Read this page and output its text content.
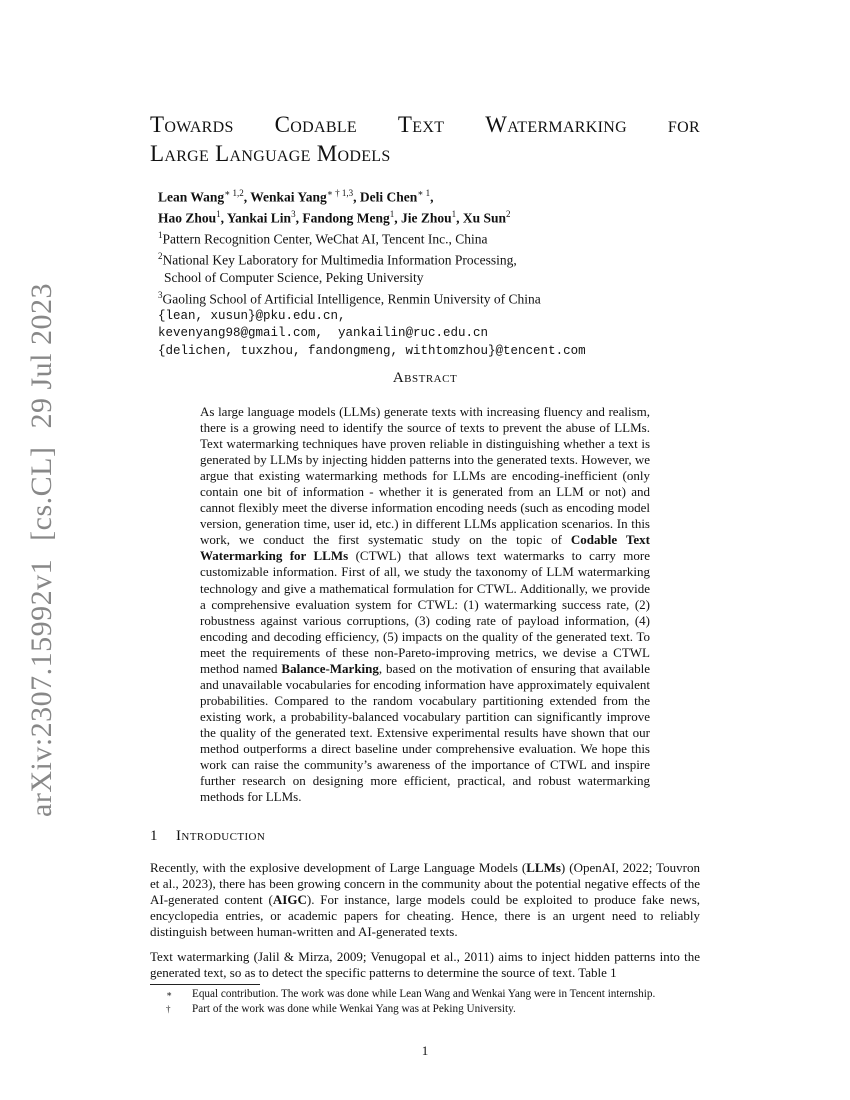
arXiv:2307.15992v1 [cs.CL] 29 Jul 2023
Towards Codable Text Watermarking for
Large Language Models
Lean Wang$^{∗ 1,2}$, Wenkai Yang$^{∗ \dagger 1,3}$, Deli Chen$^{∗ 1}$,
Hao Zhou$^1$, Yankai Lin$^3$, Fandong Meng$^1$, Jie Zhou$^1$, Xu Sun$^2$
$^1$Pattern Recognition Center, WeChat AI, Tencent Inc., China
$^2$National Key Laboratory for Multimedia Information Processing,
School of Computer Science, Peking University
$^3$Gaoling School of Artificial Intelligence, Renmin University of China
{lean, xusun}@pku.edu.cn,
kevenyang98@gmail.com,  yankailin@ruc.edu.cn
{delichen, tuxzhou, fandongmeng, withtomzhou}@tencent.com
Abstract
As large language models (LLMs) generate texts with increasing fluency and realism, there is a growing need to identify the source of texts to prevent the abuse of LLMs. Text watermarking techniques have proven reliable in distinguishing whether a text is generated by LLMs by injecting hidden patterns into the generated texts. However, we argue that existing watermarking methods for LLMs are encoding-inefficient (only contain one bit of information - whether it is generated from an LLM or not) and cannot flexibly meet the diverse information encoding needs (such as encoding model version, generation time, user id, etc.) in different LLMs application scenarios. In this work, we conduct the first systematic study on the topic of Codable Text Watermarking for LLMs (CTWL) that allows text watermarks to carry more customizable information. First of all, we study the taxonomy of LLM watermarking technology and give a mathematical formulation for CTWL. Additionally, we provide a comprehensive evaluation system for CTWL: (1) watermarking success rate, (2) robustness against various corruptions, (3) coding rate of payload information, (4) encoding and decoding efficiency, (5) impacts on the quality of the generated text. To meet the requirements of these non-Pareto-improving metrics, we devise a CTWL method named Balance-Marking, based on the motivation of ensuring that available and unavailable vocabularies for encoding information have approximately equivalent probabilities. Compared to the random vocabulary partitioning extended from the existing work, a probability-balanced vocabulary partition can significantly improve the quality of the generated text. Extensive experimental results have shown that our method outperforms a direct baseline under comprehensive evaluation. We hope this work can raise the community’s awareness of the importance of CTWL and inspire further research on designing more efficient, practical, and robust watermarking methods for LLMs.
1 Introduction
Recently, with the explosive development of Large Language Models (LLMs) (OpenAI, 2022; Touvron et al., 2023), there has been growing concern in the community about the potential negative effects of the AI-generated content (AIGC). For instance, large models could be exploited to produce fake news, encyclopedia entries, or academic papers for cheating. Hence, there is an urgent need to reliably distinguish between human-written and AI-generated texts.
Text watermarking (Jalil & Mirza, 2009; Venugopal et al., 2011) aims to inject hidden patterns into the generated text, so as to detect the specific patterns to determine the source of text. Table 1
∗	Equal contribution. The work was done while Lean Wang and Wenkai Yang were in Tencent internship.
†	Part of the work was done while Wenkai Yang was at Peking University.
1
